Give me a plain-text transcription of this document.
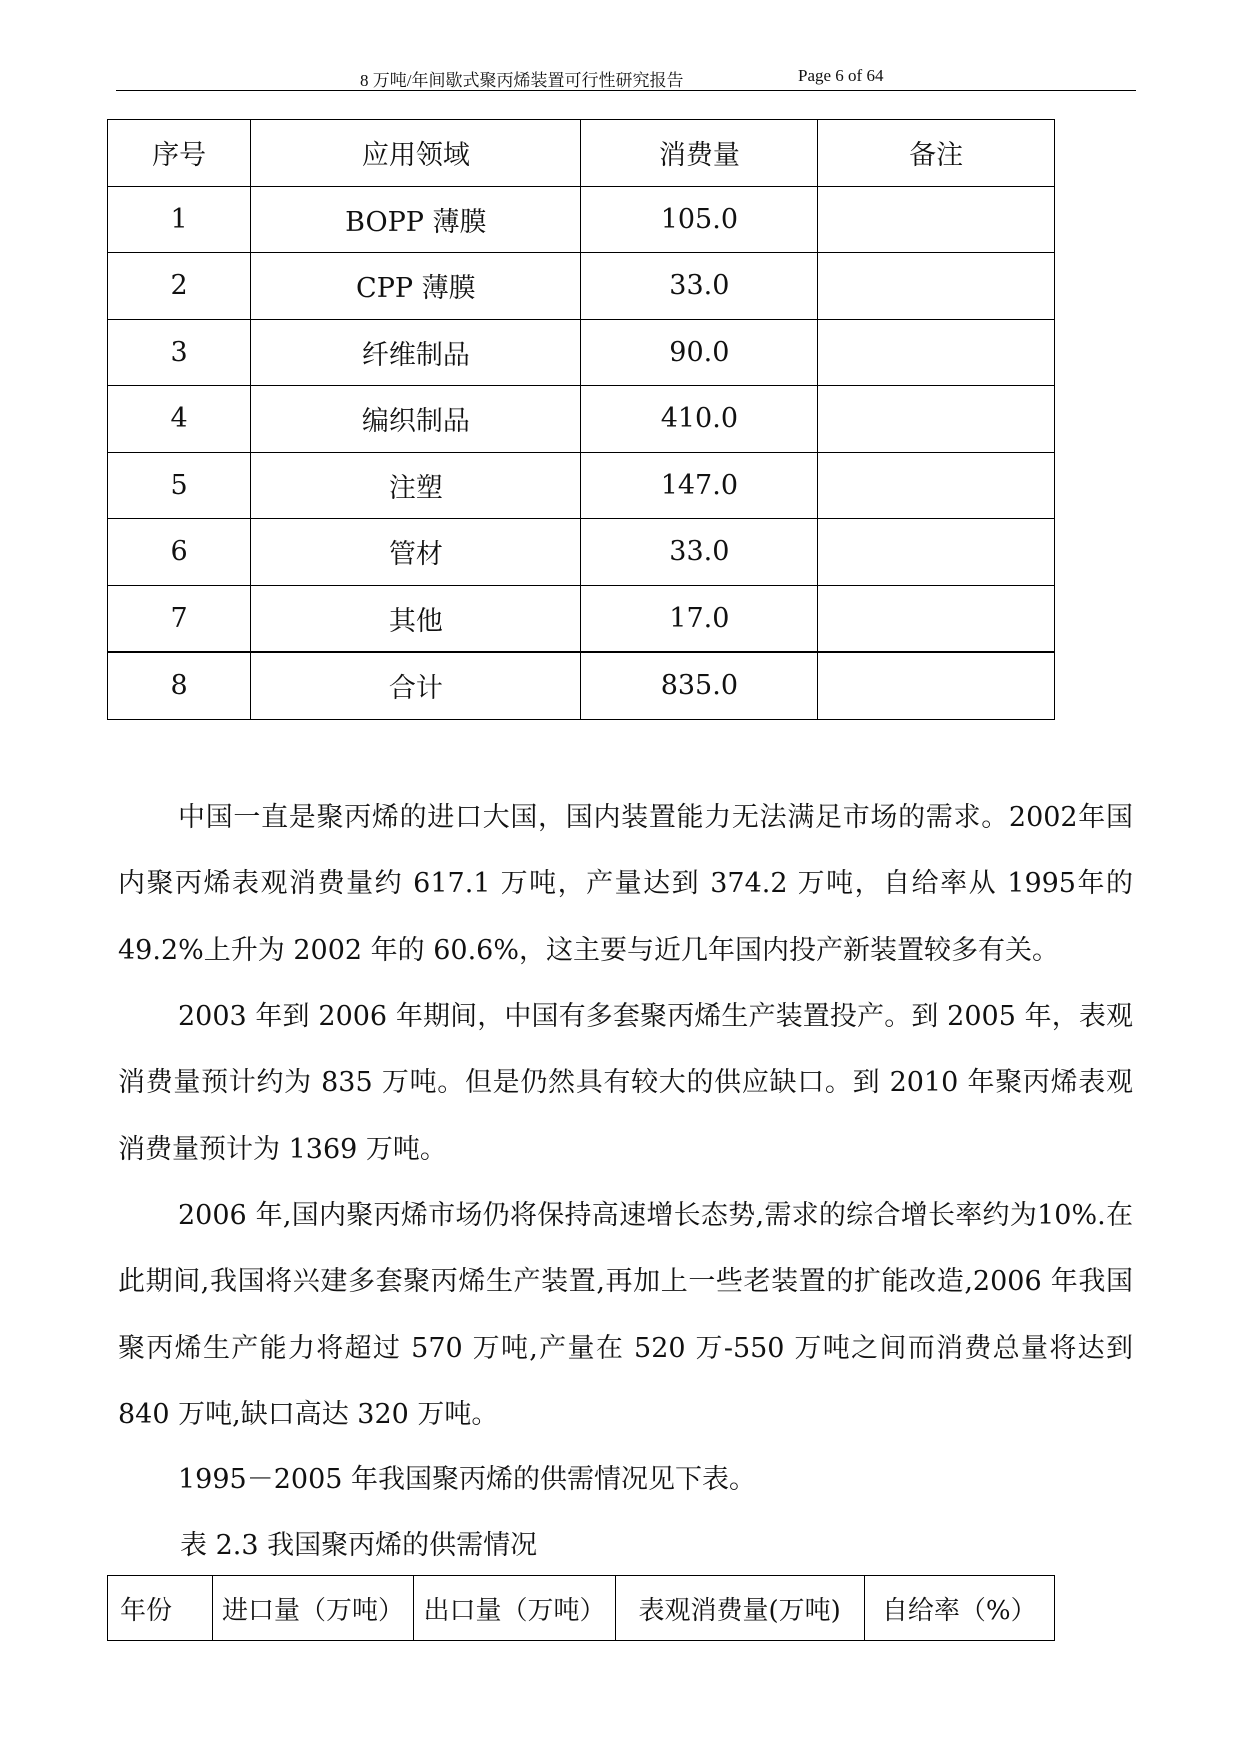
8 万吨/年间歇式聚丙烯装置可行性研究报告	Page 6 of 64
序号	应用领域	消费量	备注
1	BOPP 薄膜	105.0	
2	CPP 薄膜	33.0	
3	纤维制品	90.0	
4	编织制品	410.0	
5	注塑	147.0	
6	管材	33.0	
7	其他	17.0	
8	合计	835.0	

中国一直是聚丙烯的进口大国，国内装置能力无法满足市场的需求。2002年国内聚丙烯表观消费量约 617.1 万吨，产量达到 374.2 万吨，自给率从 1995年的 49.2%上升为 2002 年的 60.6%，这主要与近几年国内投产新装置较多有关。

2003 年到 2006 年期间，中国有多套聚丙烯生产装置投产。到 2005 年，表观消费量预计约为 835 万吨。但是仍然具有较大的供应缺口。到 2010 年聚丙烯表观消费量预计为 1369 万吨。

2006 年,国内聚丙烯市场仍将保持高速增长态势,需求的综合增长率约为10%.在此期间,我国将兴建多套聚丙烯生产装置,再加上一些老装置的扩能改造,2006 年我国聚丙烯生产能力将超过 570 万吨,产量在 520 万-550 万吨之间而消费总量将达到 840 万吨,缺口高达 320 万吨。

1995－2005 年我国聚丙烯的供需情况见下表。

表 2.3 我国聚丙烯的供需情况

年份	进口量（万吨）	出口量（万吨）	表观消费量(万吨)	自给率（%）
